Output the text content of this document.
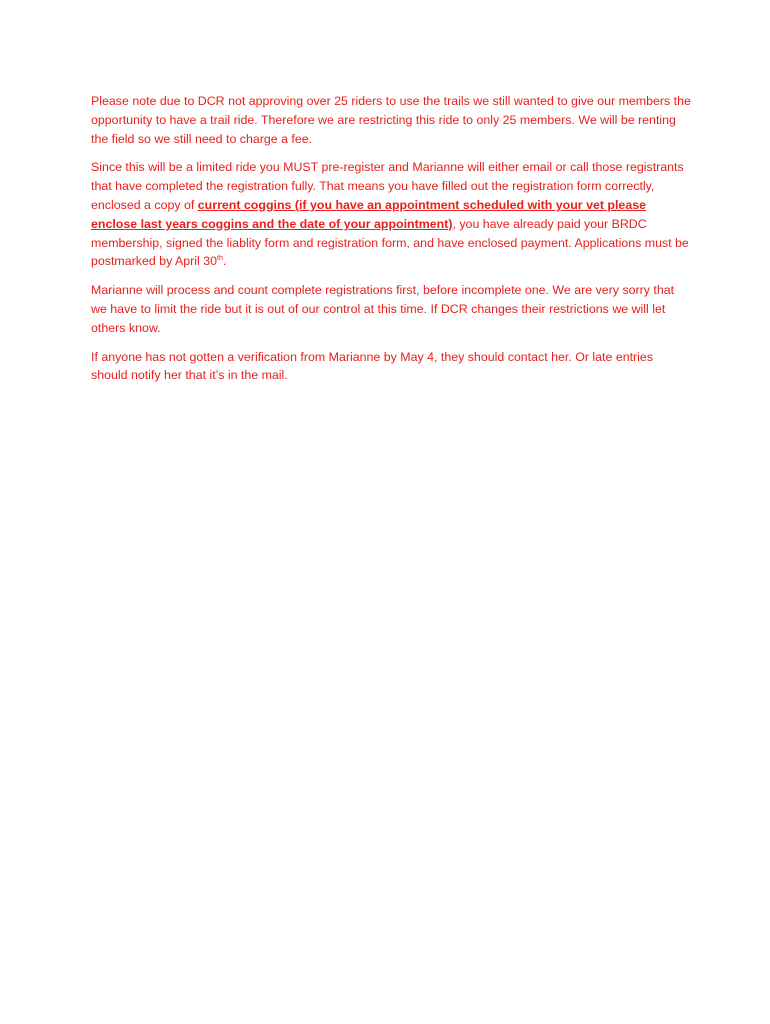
Please note due to DCR not approving over 25 riders to use the trails we still wanted to give our members the opportunity to have a trail ride. Therefore we are restricting this ride to only 25 members. We will be renting the field so we still need to charge a fee.

Since this will be a limited ride you MUST pre-register and Marianne will either email or call those registrants that have completed the registration fully. That means you have filled out the registration form correctly, enclosed a copy of current coggins (if you have an appointment scheduled with your vet please enclose last years coggins and the date of your appointment), you have already paid your BRDC membership, signed the liablity form and registration form, and have enclosed payment. Applications must be postmarked by April 30th.

Marianne will process and count complete registrations first, before incomplete one. We are very sorry that we have to limit the ride but it is out of our control at this time. If DCR changes their restrictions we will let others know.

If anyone has not gotten a verification from Marianne by May 4, they should contact her. Or late entries should notify her that it’s in the mail.
